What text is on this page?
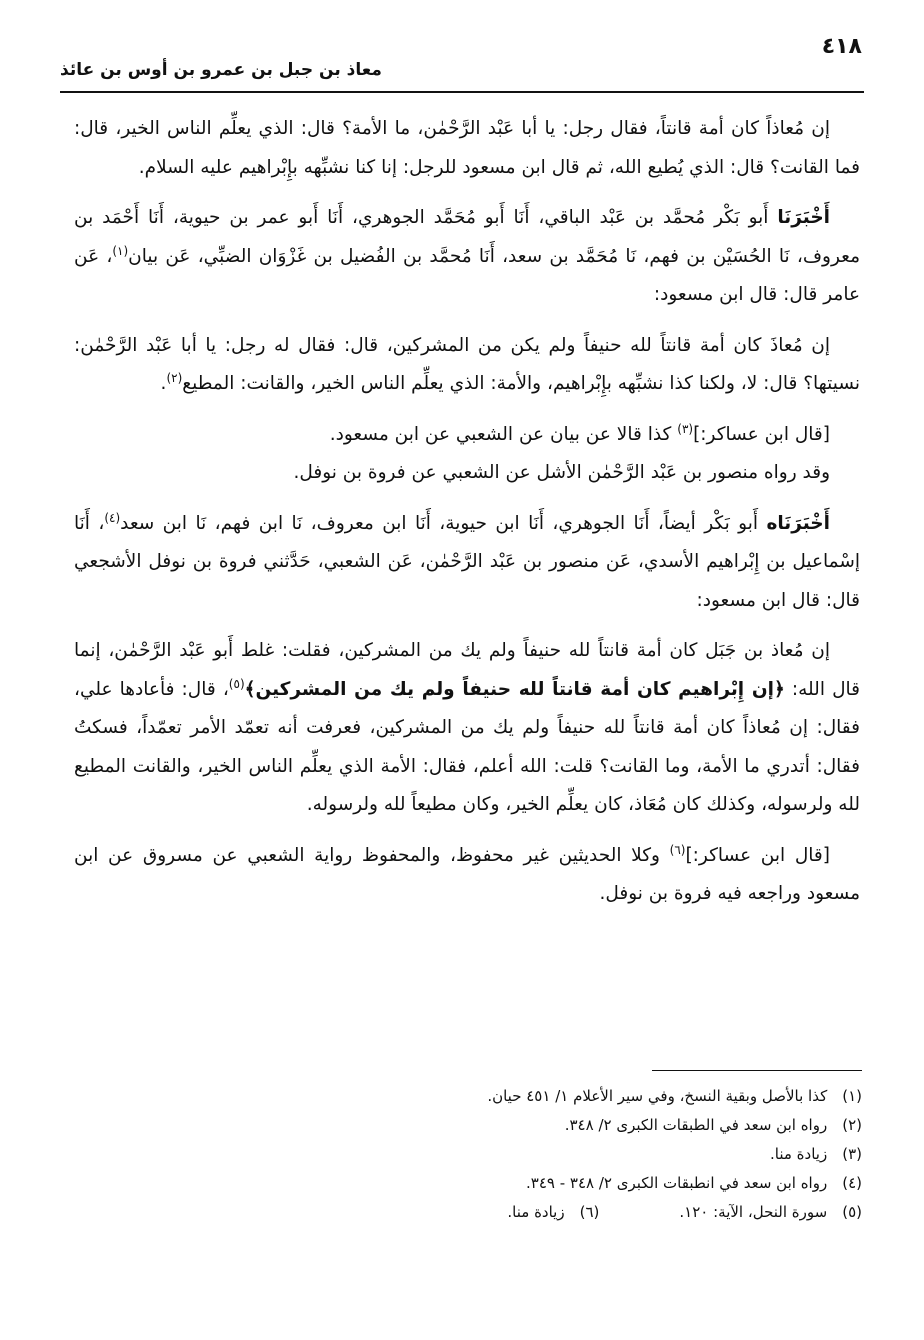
٤١٨
معاذ بن جبل بن عمرو بن أوس بن عائذ

إن مُعاذاً كان أمة قانتاً، فقال رجل: يا أبا عَبْد الرَّحْمٰن، ما الأمة؟ قال: الذي يعلِّم الناس الخير، قال: فما القانت؟ قال: الذي يُطيع الله، ثم قال ابن مسعود للرجل: إنا كنا نشبِّهه بإِبْراهيم عليه السلام.

أَخْبَرَنَا أَبو بَكْر مُحمَّد بن عَبْد الباقي، أَنَا أَبو مُحَمَّد الجوهري، أَنَا أَبو عمر بن حيوية، أَنَا أَحْمَد بن معروف، نَا الحُسَيْن بن فهم، نَا مُحَمَّد بن سعد، أَنَا مُحمَّد بن الفُضيل بن غَزْوَان الضبِّي، عَن بيان$^{(١)}$، عَن عامر قال: قال ابن مسعود:

إن مُعاذَ كان أمة قانتاً لله حنيفاً ولم يكن من المشركين، قال: فقال له رجل: يا أبا عَبْد الرَّحْمٰن: نسيتها؟ قال: لا، ولكنا كذا نشبِّهه بإِبْراهيم، والأمة: الذي يعلِّم الناس الخير، والقانت: المطيع$^{(٢)}$.

[قال ابن عساكر:]$^{(٣)}$ كذا قالا عن بيان عن الشعبي عن ابن مسعود.

وقد رواه منصور بن عَبْد الرَّحْمٰن الأشل عن الشعبي عن فروة بن نوفل.

أَخْبَرَنَاه أَبو بَكْر أيضاً، أَنَا الجوهري، أَنَا ابن حيوية، أَنَا ابن معروف، نَا ابن فهم، نَا ابن سعد$^{(٤)}$، أَنَا إسْماعيل بن إِبْراهيم الأسدي، عَن منصور بن عَبْد الرَّحْمٰن، عَن الشعبي، حَدَّثني فروة بن نوفل الأشجعي قال: قال ابن مسعود:

إن مُعاذ بن جَبَل كان أمة قانتاً لله حنيفاً ولم يك من المشركين، فقلت: غلط أَبو عَبْد الرَّحْمٰن، إنما قال الله: ﴿إن إِبْراهيم كان أمة قانتاً لله حنيفاً ولم يك من المشركين﴾$^{(٥)}$، قال: فأعادها علي، فقال: إن مُعاذاً كان أمة قانتاً لله حنيفاً ولم يك من المشركين، فعرفت أنه تعمّد الأمر تعمّداً، فسكتُ فقال: أتدري ما الأمة، وما القانت؟ قلت: الله أعلم، فقال: الأمة الذي يعلِّم الناس الخير، والقانت المطيع لله ولرسوله، وكذلك كان مُعَاذ، كان يعلِّم الخير، وكان مطيعاً لله ولرسوله.

[قال ابن عساكر:]$^{(٦)}$ وكلا الحديثين غير محفوظ، والمحفوظ رواية الشعبي عن مسروق عن ابن مسعود وراجعه فيه فروة بن نوفل.

(١) كذا بالأصل وبقية النسخ، وفي سير الأعلام ١/ ٤٥١ حيان.
(٢) رواه ابن سعد في الطبقات الكبرى ٢/ ٣٤٨.
(٣) زيادة منا.
(٤) رواه ابن سعد في انطبقات الكبرى ٢/ ٣٤٨ - ٣٤٩.
(٥) سورة النحل، الآية: ١٢٠.
(٦) زيادة منا.
